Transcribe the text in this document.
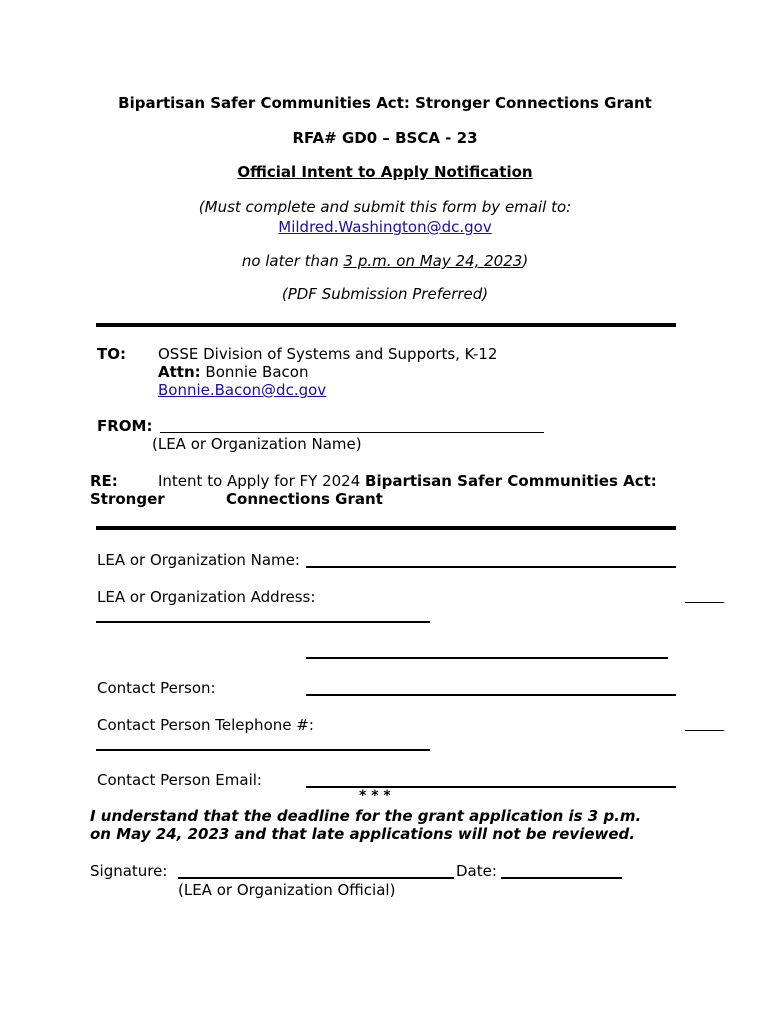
Bipartisan Safer Communities Act: Stronger Connections Grant
RFA# GD0 – BSCA - 23
Official Intent to Apply Notification
(Must complete and submit this form by email to:
Mildred.Washington@dc.gov
no later than 3 p.m. on May 24, 2023)
(PDF Submission Preferred)
TO: OSSE Division of Systems and Supports, K-12
Attn: Bonnie Bacon
Bonnie.Bacon@dc.gov
FROM:
(LEA or Organization Name)
RE:	Intent to Apply for FY 2024 Bipartisan Safer Communities Act:
Stronger	Connections Grant
LEA or Organization Name:
LEA or Organization Address:
Contact Person:
Contact Person Telephone #:
Contact Person Email:
* * *
I understand that the deadline for the grant application is 3 p.m.
on May 24, 2023 and that late applications will not be reviewed.
Signature:	Date:
(LEA or Organization Official)
